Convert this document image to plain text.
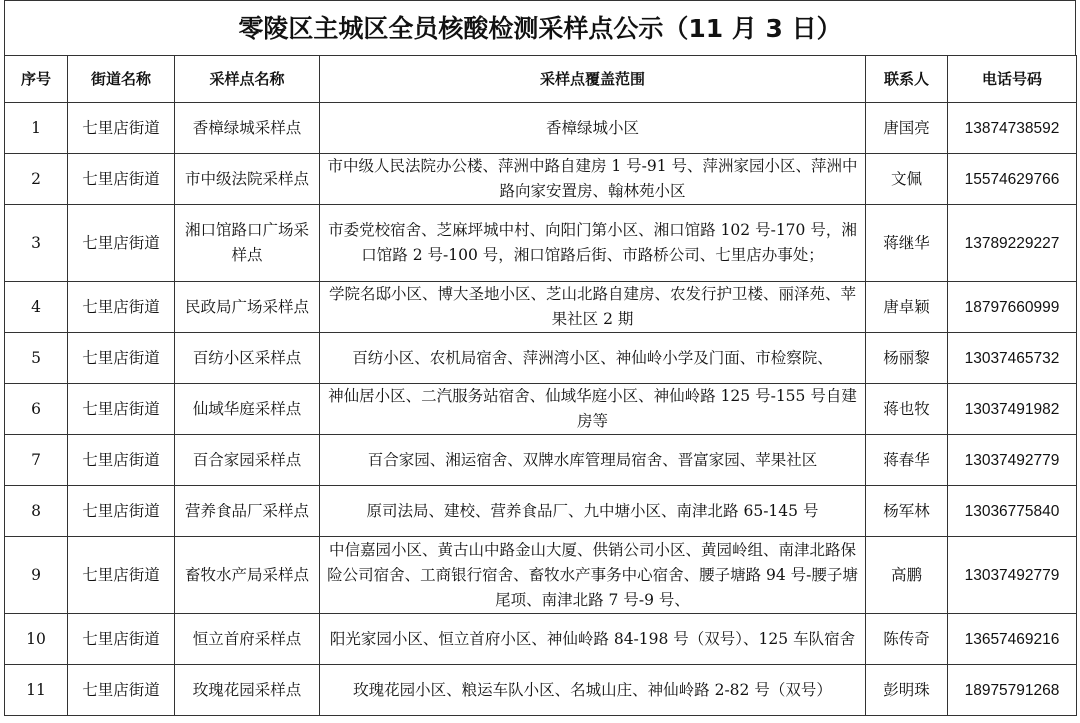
零陵区主城区全员核酸检测采样点公示（11 月 3 日）
序号	街道名称	采样点名称	采样点覆盖范围	联系人	电话号码
1	七里店街道	香樟绿城采样点	香樟绿城小区	唐国亮	13874738592
2	七里店街道	市中级法院采样点	市中级人民法院办公楼、萍洲中路自建房 1 号-91 号、萍洲家园小区、萍洲中路向家安置房、翰林苑小区	文佩	15574629766
3	七里店街道	湘口馆路口广场采样点	市委党校宿舍、芝麻坪城中村、向阳门第小区、湘口馆路 102 号-170 号，湘口馆路 2 号-100 号，湘口馆路后街、市路桥公司、七里店办事处；	蒋继华	13789229227
4	七里店街道	民政局广场采样点	学院名邸小区、博大圣地小区、芝山北路自建房、农发行护卫楼、丽泽苑、苹果社区 2 期	唐卓颖	18797660999
5	七里店街道	百纺小区采样点	百纺小区、农机局宿舍、萍洲湾小区、神仙岭小学及门面、市检察院、	杨丽黎	13037465732
6	七里店街道	仙域华庭采样点	神仙居小区、二汽服务站宿舍、仙域华庭小区、神仙岭路 125 号-155 号自建房等	蒋也牧	13037491982
7	七里店街道	百合家园采样点	百合家园、湘运宿舍、双牌水库管理局宿舍、晋富家园、苹果社区	蒋春华	13037492779
8	七里店街道	营养食品厂采样点	原司法局、建校、营养食品厂、九中塘小区、南津北路 65-145 号	杨军林	13036775840
9	七里店街道	畜牧水产局采样点	中信嘉园小区、黄古山中路金山大厦、供销公司小区、黄园岭组、南津北路保险公司宿舍、工商银行宿舍、畜牧水产事务中心宿舍、腰子塘路 94 号-腰子塘尾项、南津北路 7 号-9 号、	高鹏	13037492779
10	七里店街道	恒立首府采样点	阳光家园小区、恒立首府小区、神仙岭路 84-198 号（双号）、125 车队宿舍	陈传奇	13657469216
11	七里店街道	玫瑰花园采样点	玫瑰花园小区、粮运车队小区、名城山庄、神仙岭路 2-82 号（双号）	彭明珠	18975791268
